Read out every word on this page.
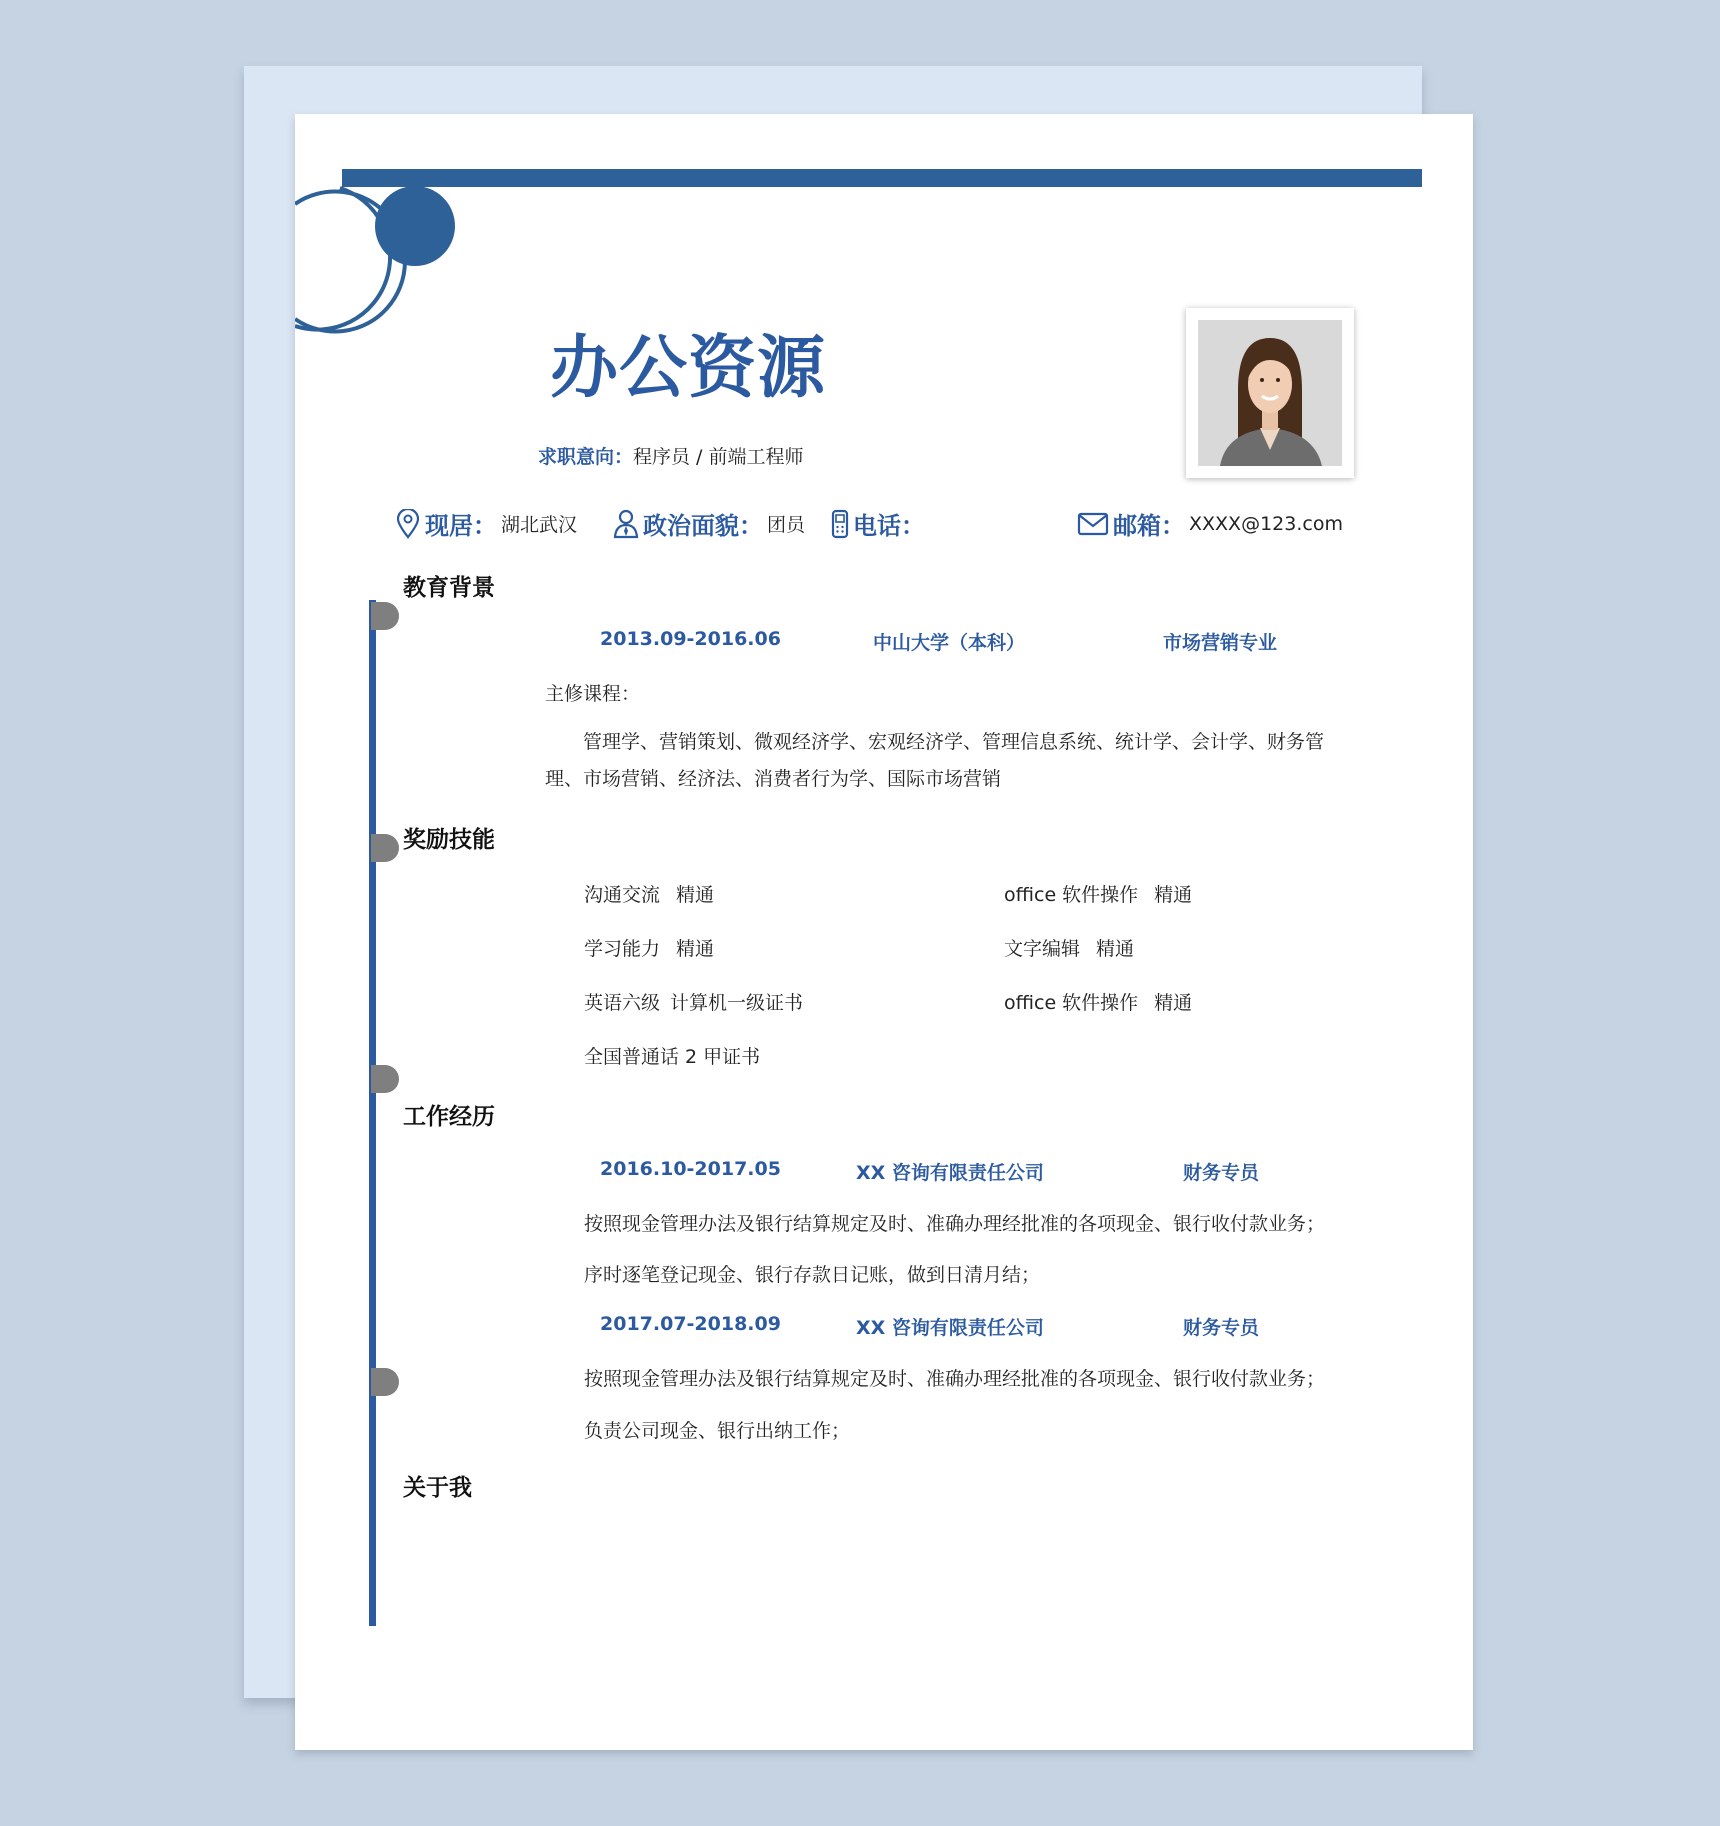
办公资源
求职意向：程序员 / 前端工程师
现居： 湖北武汉	政治面貌： 团员 电话：	邮箱： XXXX@123.com
教育背景
2013.09-2016.06	中山大学（本科）	市场营销专业
主修课程：
管理学、营销策划、微观经济学、宏观经济学、管理信息系统、统计学、会计学、财务管理、市场营销、经济法、消费者行为学、国际市场营销
奖励技能
沟通交流 精通	office 软件操作 精通
学习能力 精通	文字编辑 精通
英语六级 计算机一级证书	office 软件操作 精通
全国普通话 2 甲证书
工作经历
2016.10-2017.05	XX 咨询有限责任公司	财务专员
按照现金管理办法及银行结算规定及时、准确办理经批准的各项现金、银行收付款业务；
序时逐笔登记现金、银行存款日记账，做到日清月结；
2017.07-2018.09	XX 咨询有限责任公司	财务专员
按照现金管理办法及银行结算规定及时、准确办理经批准的各项现金、银行收付款业务；
负责公司现金、银行出纳工作；
关于我
